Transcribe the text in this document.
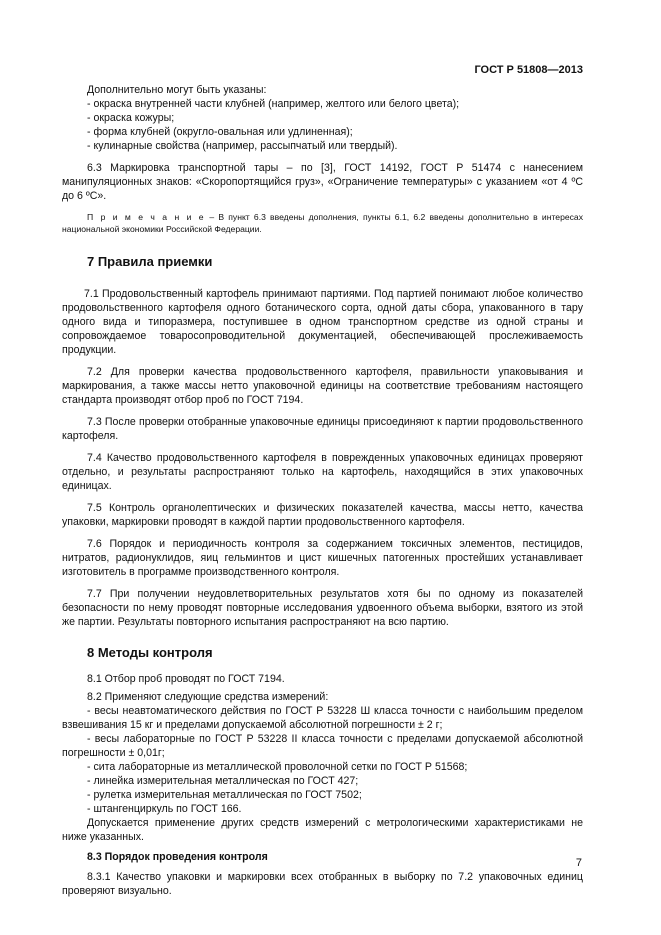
ГОСТ Р 51808—2013

Дополнительно могут быть указаны:

- окраска внутренней части клубней (например, желтого или белого цвета);

- окраска кожуры;

- форма клубней (округло-овальная или удлиненная);

- кулинарные свойства (например, рассыпчатый или твердый).

6.3 Маркировка транспортной тары – по [3], ГОСТ 14192, ГОСТ Р 51474 с нанесением манипуляционных знаков: «Скоропортящийся груз», «Ограничение температуры» с указанием «от 4 ºС до 6 ºС».

П р и м е ч а н и е – В пункт 6.3 введены дополнения, пункты 6.1, 6.2 введены дополнительно в интересах национальной экономики Российской Федерации.

7 Правила приемки

7.1 Продовольственный картофель принимают партиями. Под партией понимают любое количество продовольственного картофеля одного ботанического сорта, одной даты сбора, упакованного в тару одного вида и типоразмера, поступившее в одном транспортном средстве из одной страны и сопровождаемое товаросопроводительной документацией, обеспечивающей прослеживаемость продукции.

7.2 Для проверки качества продовольственного картофеля, правильности упаковывания и маркирования, а также массы нетто упаковочной единицы на соответствие требованиям настоящего стандарта производят отбор проб по ГОСТ 7194.

7.3 После проверки отобранные упаковочные единицы присоединяют к партии продовольственного картофеля.

7.4 Качество продовольственного картофеля в поврежденных упаковочных единицах проверяют отдельно, и результаты распространяют только на картофель, находящийся в этих упаковочных единицах.

7.5 Контроль органолептических и физических показателей качества, массы нетто, качества упаковки, маркировки проводят в каждой партии продовольственного картофеля.

7.6 Порядок и периодичность контроля за содержанием токсичных элементов, пестицидов, нитратов, радионуклидов, яиц гельминтов и цист кишечных патогенных простейших устанавливает изготовитель в программе производственного контроля.

7.7 При получении неудовлетворительных результатов хотя бы по одному из показателей безопасности по нему проводят повторные исследования удвоенного объема выборки, взятого из этой же партии. Результаты повторного испытания распространяют на всю партию.

8 Методы контроля

8.1 Отбор проб проводят по ГОСТ 7194.

8.2 Применяют следующие средства измерений:

- весы неавтоматического действия по ГОСТ Р 53228 Ш класса точности с наибольшим пределом взвешивания 15 кг и пределами допускаемой абсолютной погрешности ± 2 г;

- весы лабораторные по ГОСТ Р 53228 II класса точности с пределами допускаемой абсолютной погрешности ± 0,01г;

- сита лабораторные из металлической проволочной сетки по ГОСТ Р 51568;

- линейка измерительная металлическая по ГОСТ 427;

- рулетка измерительная металлическая по ГОСТ 7502;

- штангенциркуль по ГОСТ 166.

Допускается применение других средств измерений с метрологическими характеристиками не ниже указанных.

8.3 Порядок проведения контроля

8.3.1 Качество упаковки и маркировки всех отобранных в выборку по 7.2 упаковочных единиц проверяют визуально.

7
